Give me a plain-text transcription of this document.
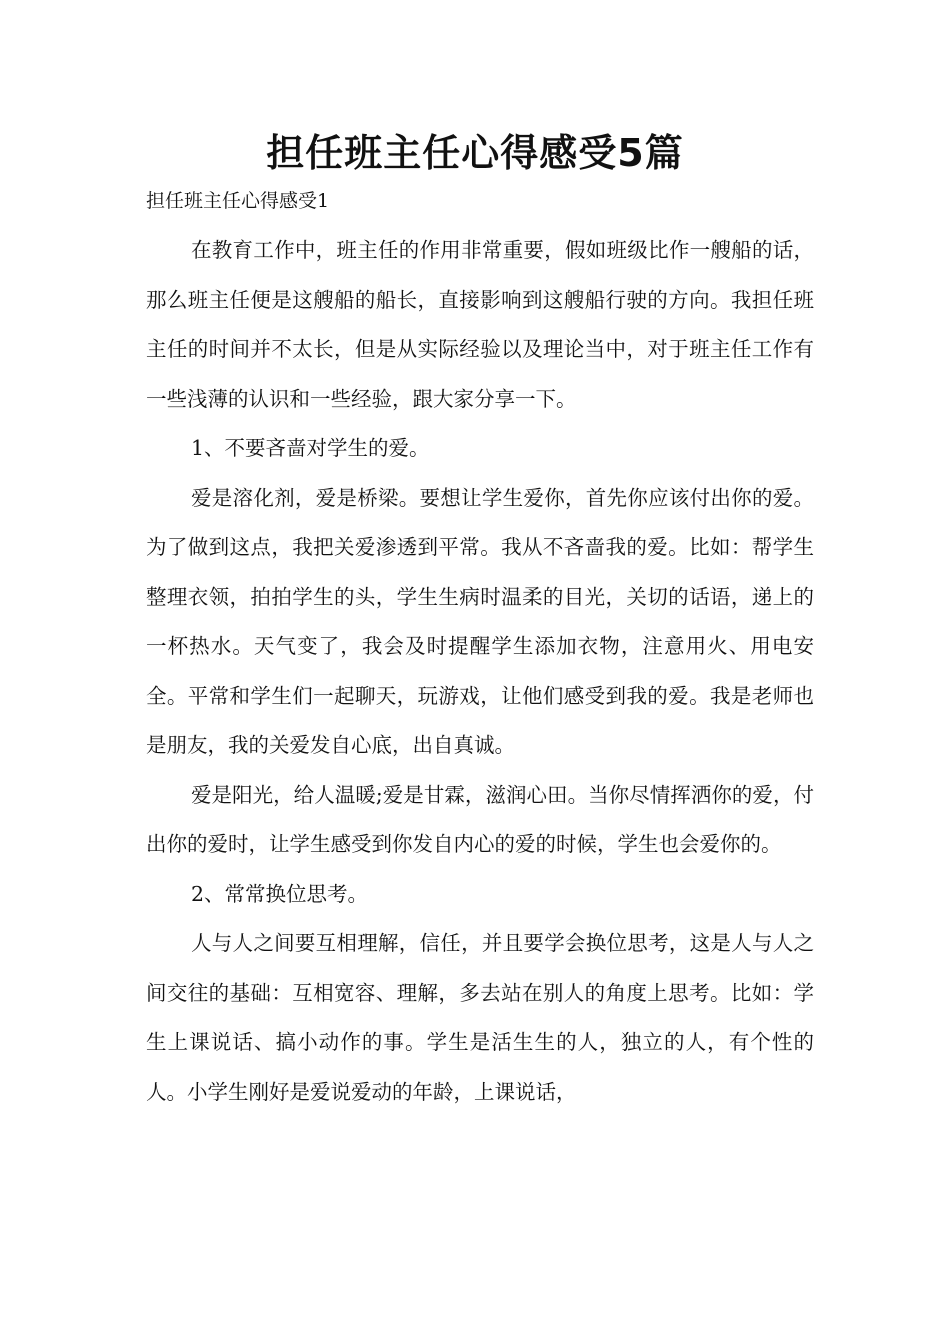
担任班主任心得感受5篇
担任班主任心得感受1

在教育工作中，班主任的作用非常重要，假如班级比作一艘船的话，那么班主任便是这艘船的船长，直接影响到这艘船行驶的方向。我担任班主任的时间并不太长，但是从实际经验以及理论当中，对于班主任工作有一些浅薄的认识和一些经验，跟大家分享一下。

1、不要吝啬对学生的爱。

爱是溶化剂，爱是桥梁。要想让学生爱你，首先你应该付出你的爱。为了做到这点，我把关爱渗透到平常。我从不吝啬我的爱。比如：帮学生整理衣领，拍拍学生的头，学生生病时温柔的目光，关切的话语，递上的一杯热水。天气变了，我会及时提醒学生添加衣物，注意用火、用电安全。平常和学生们一起聊天，玩游戏，让他们感受到我的爱。我是老师也是朋友，我的关爱发自心底，出自真诚。

爱是阳光，给人温暖;爱是甘霖，滋润心田。当你尽情挥洒你的爱，付出你的爱时，让学生感受到你发自内心的爱的时候，学生也会爱你的。

2、常常换位思考。

人与人之间要互相理解，信任，并且要学会换位思考，这是人与人之间交往的基础：互相宽容、理解，多去站在别人的角度上思考。比如：学生上课说话、搞小动作的事。学生是活生生的人，独立的人，有个性的人。小学生刚好是爱说爱动的年龄，上课说话，
